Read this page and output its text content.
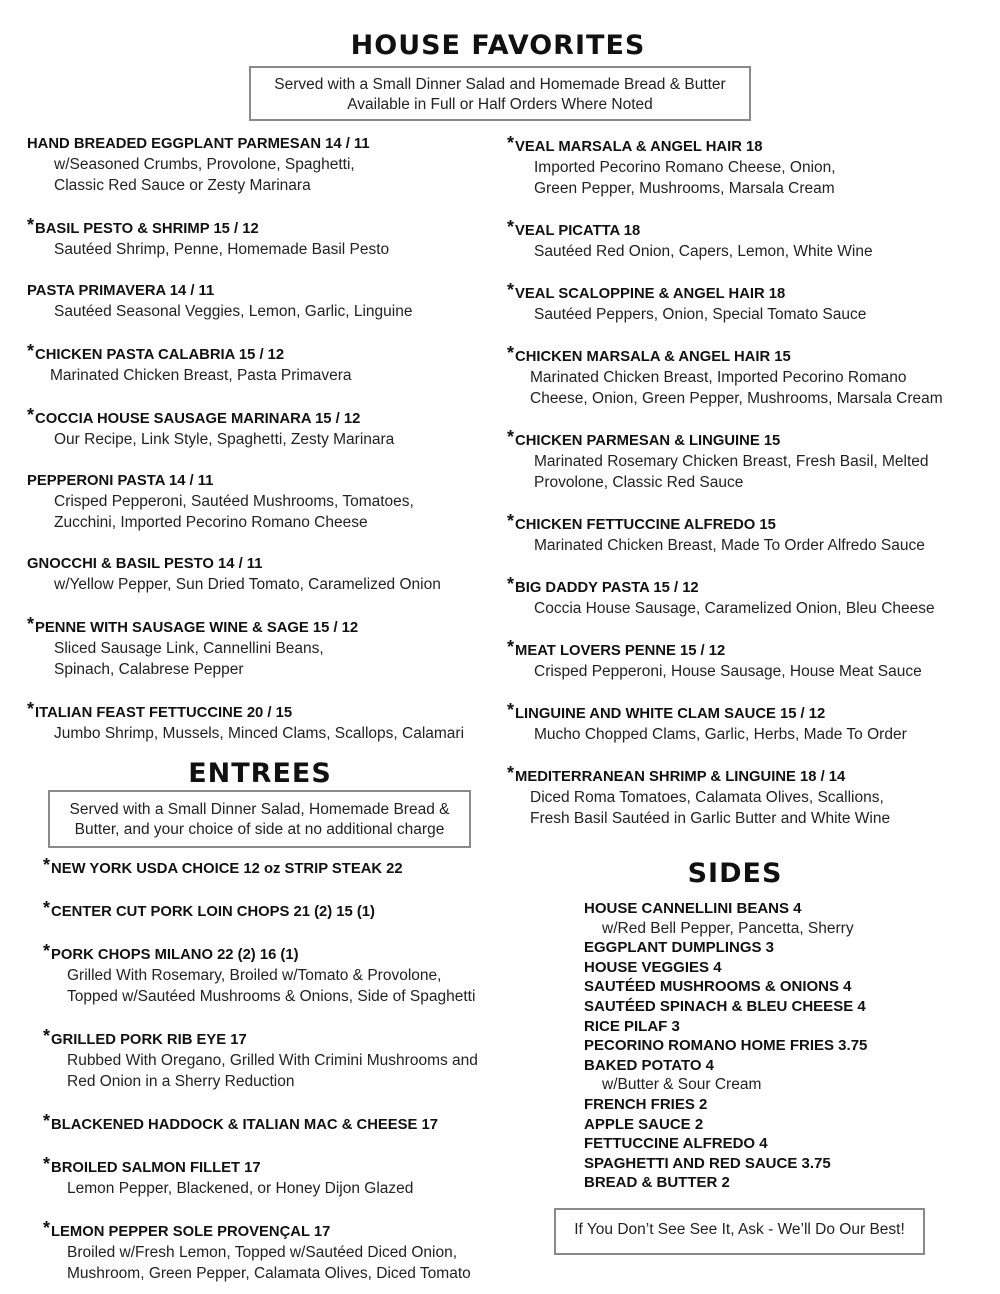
HOUSE FAVORITES
Served with a Small Dinner Salad and Homemade Bread & Butter
Available in Full or Half Orders Where Noted
HAND BREADED EGGPLANT PARMESAN 14 / 11
w/Seasoned Crumbs, Provolone, Spaghetti,
Classic Red Sauce or Zesty Marinara
*BASIL PESTO & SHRIMP 15 / 12
Sautéed Shrimp, Penne, Homemade Basil Pesto
PASTA PRIMAVERA 14 / 11
Sautéed Seasonal Veggies, Lemon, Garlic, Linguine
*CHICKEN PASTA CALABRIA 15 / 12
Marinated Chicken Breast, Pasta Primavera
*COCCIA HOUSE SAUSAGE MARINARA 15 / 12
Our Recipe, Link Style, Spaghetti, Zesty Marinara
PEPPERONI PASTA 14 / 11
Crisped Pepperoni, Sautéed Mushrooms, Tomatoes,
Zucchini, Imported Pecorino Romano Cheese
GNOCCHI & BASIL PESTO 14 / 11
w/Yellow Pepper, Sun Dried Tomato, Caramelized Onion
*PENNE WITH SAUSAGE WINE & SAGE 15 / 12
Sliced Sausage Link, Cannellini Beans,
Spinach, Calabrese Pepper
*ITALIAN FEAST FETTUCCINE 20 / 15
Jumbo Shrimp, Mussels, Minced Clams, Scallops, Calamari
*VEAL MARSALA & ANGEL HAIR 18
Imported Pecorino Romano Cheese, Onion,
Green Pepper, Mushrooms, Marsala Cream
*VEAL PICATTA 18
Sautéed Red Onion, Capers, Lemon, White Wine
*VEAL SCALOPPINE & ANGEL HAIR 18
Sautéed Peppers, Onion, Special Tomato Sauce
*CHICKEN MARSALA & ANGEL HAIR 15
Marinated Chicken Breast, Imported Pecorino Romano
Cheese, Onion, Green Pepper, Mushrooms, Marsala Cream
*CHICKEN PARMESAN & LINGUINE 15
Marinated Rosemary Chicken Breast, Fresh Basil, Melted
Provolone, Classic Red Sauce
*CHICKEN FETTUCCINE ALFREDO 15
Marinated Chicken Breast, Made To Order Alfredo Sauce
*BIG DADDY PASTA 15 / 12
Coccia House Sausage, Caramelized Onion, Bleu Cheese
*MEAT LOVERS PENNE 15 / 12
Crisped Pepperoni, House Sausage, House Meat Sauce
*LINGUINE AND WHITE CLAM SAUCE 15 / 12
Mucho Chopped Clams, Garlic, Herbs, Made To Order
*MEDITERRANEAN SHRIMP & LINGUINE 18 / 14
Diced Roma Tomatoes, Calamata Olives, Scallions,
Fresh Basil Sautéed in Garlic Butter and White Wine
ENTREES
Served with a Small Dinner Salad, Homemade Bread &
Butter, and your choice of side at no additional charge
*NEW YORK USDA CHOICE 12 oz STRIP STEAK 22
*CENTER CUT PORK LOIN CHOPS 21 (2) 15 (1)
*PORK CHOPS MILANO 22 (2) 16 (1)
Grilled With Rosemary, Broiled w/Tomato & Provolone,
Topped w/Sautéed Mushrooms & Onions, Side of Spaghetti
*GRILLED PORK RIB EYE 17
Rubbed With Oregano, Grilled With Crimini Mushrooms and
Red Onion in a Sherry Reduction
*BLACKENED HADDOCK & ITALIAN MAC & CHEESE 17
*BROILED SALMON FILLET 17
Lemon Pepper, Blackened, or Honey Dijon Glazed
*LEMON PEPPER SOLE PROVENÇAL 17
Broiled w/Fresh Lemon, Topped w/Sautéed Diced Onion,
Mushroom, Green Pepper, Calamata Olives, Diced Tomato
SIDES
HOUSE CANNELLINI BEANS 4
w/Red Bell Pepper, Pancetta, Sherry
EGGPLANT DUMPLINGS 3
HOUSE VEGGIES 4
SAUTÉED MUSHROOMS & ONIONS 4
SAUTÉED SPINACH & BLEU CHEESE 4
RICE PILAF 3
PECORINO ROMANO HOME FRIES 3.75
BAKED POTATO 4
w/Butter & Sour Cream
FRENCH FRIES 2
APPLE SAUCE 2
FETTUCCINE ALFREDO 4
SPAGHETTI AND RED SAUCE 3.75
BREAD & BUTTER 2
If You Don’t See See It, Ask - We’ll Do Our Best!
